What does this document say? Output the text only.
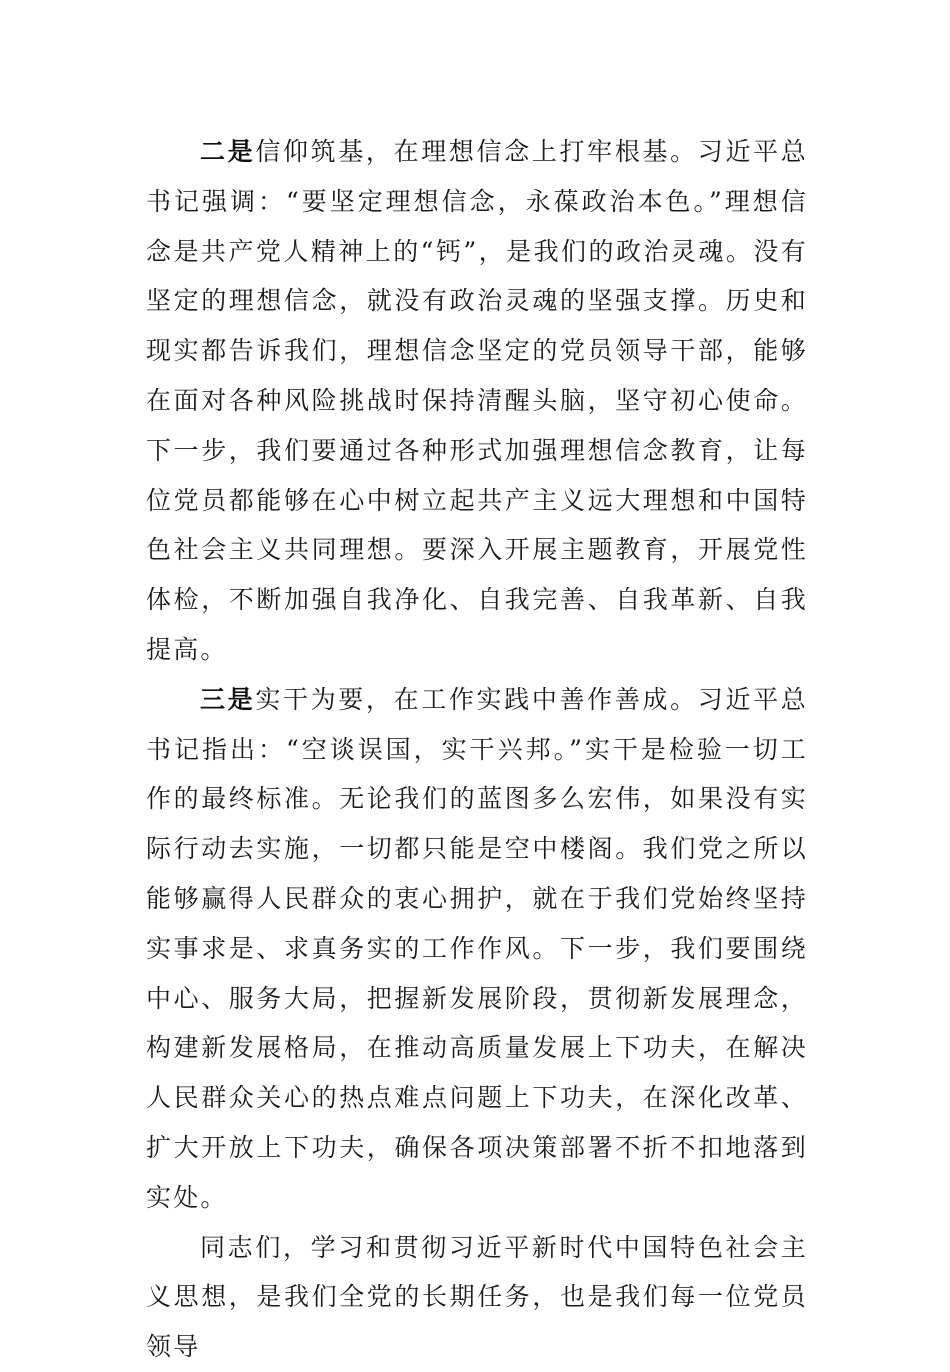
二是信仰筑基，在理想信念上打牢根基。习近平总书记强调：“要坚定理想信念，永葆政治本色。”理想信念是共产党人精神上的“钙”，是我们的政治灵魂。没有坚定的理想信念，就没有政治灵魂的坚强支撑。历史和现实都告诉我们，理想信念坚定的党员领导干部，能够在面对各种风险挑战时保持清醒头脑，坚守初心使命。下一步，我们要通过各种形式加强理想信念教育，让每位党员都能够在心中树立起共产主义远大理想和中国特色社会主义共同理想。要深入开展主题教育，开展党性体检，不断加强自我净化、自我完善、自我革新、自我提高。

三是实干为要，在工作实践中善作善成。习近平总书记指出：“空谈误国，实干兴邦。”实干是检验一切工作的最终标准。无论我们的蓝图多么宏伟，如果没有实际行动去实施，一切都只能是空中楼阁。我们党之所以能够赢得人民群众的衷心拥护，就在于我们党始终坚持实事求是、求真务实的工作作风。下一步，我们要围绕中心、服务大局，把握新发展阶段，贯彻新发展理念，构建新发展格局，在推动高质量发展上下功夫，在解决人民群众关心的热点难点问题上下功夫，在深化改革、扩大开放上下功夫，确保各项决策部署不折不扣地落到实处。

同志们，学习和贯彻习近平新时代中国特色社会主义思想，是我们全党的长期任务，也是我们每一位党员领导
